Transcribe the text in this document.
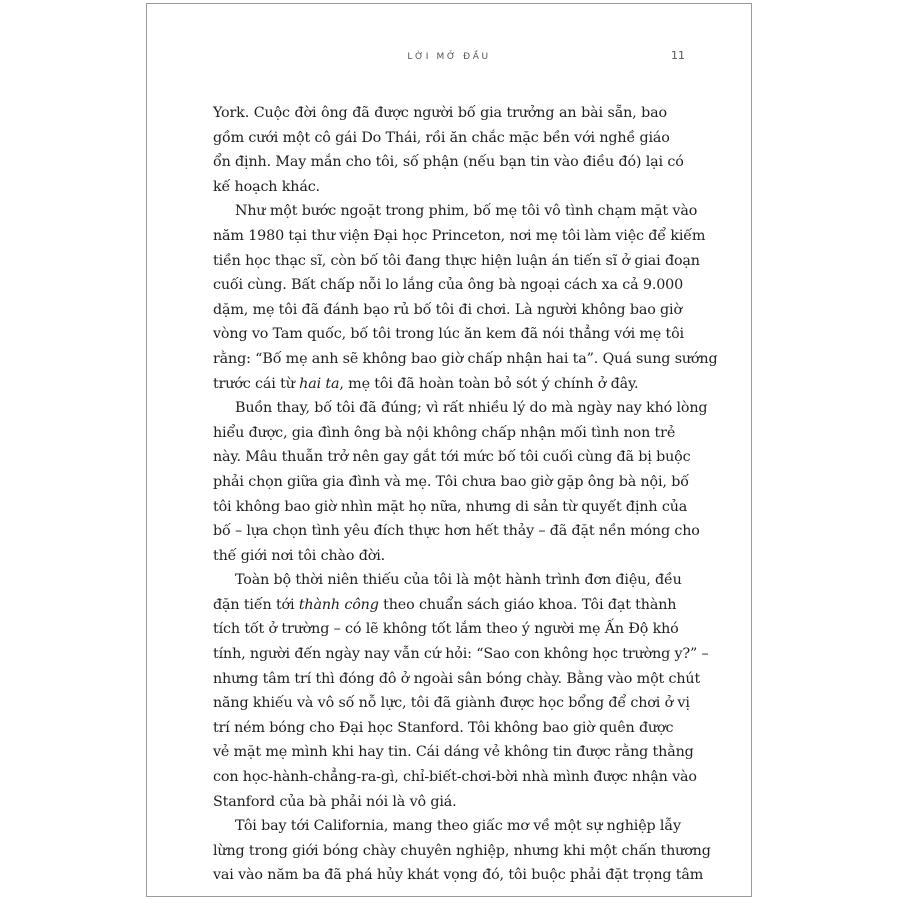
LỜI MỞ ĐẦU	11
York. Cuộc đời ông đã được người bố gia trưởng an bài sẵn, bao
gồm cưới một cô gái Do Thái, rồi ăn chắc mặc bền với nghề giáo
ổn định. May mắn cho tôi, số phận (nếu bạn tin vào điều đó) lại có
kế hoạch khác.
Như một bước ngoặt trong phim, bố mẹ tôi vô tình chạm mặt vào
năm 1980 tại thư viện Đại học Princeton, nơi mẹ tôi làm việc để kiếm
tiền học thạc sĩ, còn bố tôi đang thực hiện luận án tiến sĩ ở giai đoạn
cuối cùng. Bất chấp nỗi lo lắng của ông bà ngoại cách xa cả 9.000
dặm, mẹ tôi đã đánh bạo rủ bố tôi đi chơi. Là người không bao giờ
vòng vo Tam quốc, bố tôi trong lúc ăn kem đã nói thẳng với mẹ tôi
rằng: “Bố mẹ anh sẽ không bao giờ chấp nhận hai ta”. Quá sung sướng
trước cái từ hai ta, mẹ tôi đã hoàn toàn bỏ sót ý chính ở đây.
Buồn thay, bố tôi đã đúng; vì rất nhiều lý do mà ngày nay khó lòng
hiểu được, gia đình ông bà nội không chấp nhận mối tình non trẻ
này. Mâu thuẫn trở nên gay gắt tới mức bố tôi cuối cùng đã bị buộc
phải chọn giữa gia đình và mẹ. Tôi chưa bao giờ gặp ông bà nội, bố
tôi không bao giờ nhìn mặt họ nữa, nhưng di sản từ quyết định của
bố – lựa chọn tình yêu đích thực hơn hết thảy – đã đặt nền móng cho
thế giới nơi tôi chào đời.
Toàn bộ thời niên thiếu của tôi là một hành trình đơn điệu, đều
đặn tiến tới thành công theo chuẩn sách giáo khoa. Tôi đạt thành
tích tốt ở trường – có lẽ không tốt lắm theo ý người mẹ Ấn Độ khó
tính, người đến ngày nay vẫn cứ hỏi: “Sao con không học trường y?” –
nhưng tâm trí thì đóng đô ở ngoài sân bóng chày. Bằng vào một chút
năng khiếu và vô số nỗ lực, tôi đã giành được học bổng để chơi ở vị
trí ném bóng cho Đại học Stanford. Tôi không bao giờ quên được
vẻ mặt mẹ mình khi hay tin. Cái dáng vẻ không tin được rằng thằng
con học-hành-chẳng-ra-gì, chỉ-biết-chơi-bời nhà mình được nhận vào
Stanford của bà phải nói là vô giá.
Tôi bay tới California, mang theo giấc mơ về một sự nghiệp lẫy
lừng trong giới bóng chày chuyên nghiệp, nhưng khi một chấn thương
vai vào năm ba đã phá hủy khát vọng đó, tôi buộc phải đặt trọng tâm
